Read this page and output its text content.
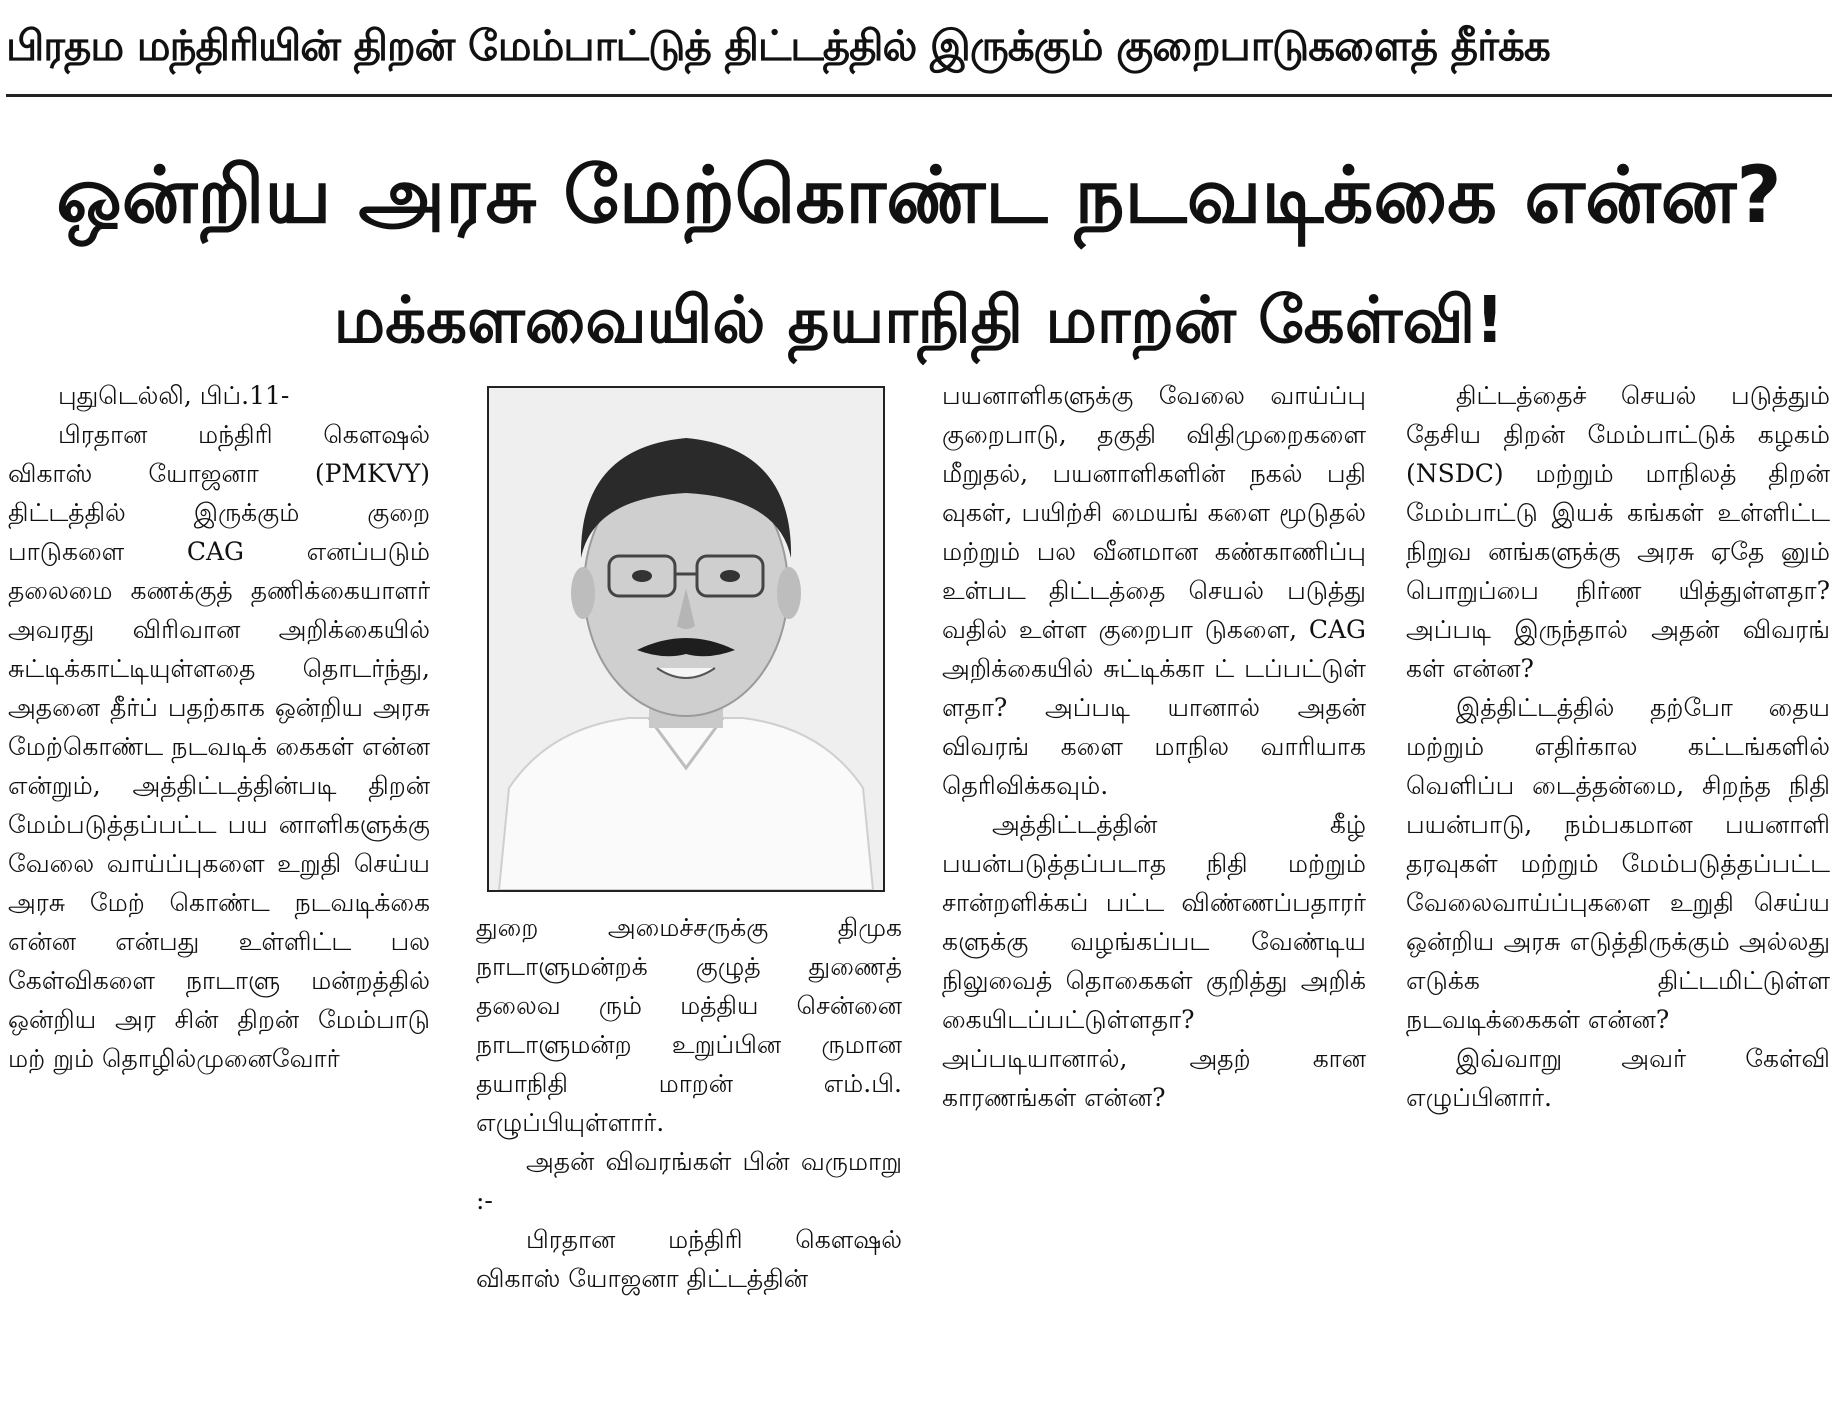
பிரதம மந்திரியின் திறன் மேம்பாட்டுத் திட்டத்தில் இருக்கும் குறைபாடுகளைத் தீர்க்க
ஒன்றிய அரசு மேற்கொண்ட நடவடிக்கை என்ன?
மக்களவையில் தயாநிதி மாறன் கேள்வி!

புதுடெல்லி, பிப்.11-

பிரதான மந்திரி கௌஷல் விகாஸ் யோஜனா (PMKVY) திட்டத்தில் இருக்கும் குறை பாடுகளை CAG எனப்படும் தலைமை கணக்குத் தணிக்கையாளர் அவரது விரிவான அறிக்கையில் சுட்டிக்காட்டியுள்ளதை தொடர்ந்து, அதனை தீர்ப் பதற்காக ஒன்றிய அரசு மேற்கொண்ட நடவடிக் கைகள் என்ன என்றும், அத்திட்டத்தின்படி திறன் மேம்படுத்தப்பட்ட பய னாளிகளுக்கு வேலை வாய்ப்புகளை உறுதி செய்ய அரசு மேற் கொண்ட நடவடிக்கை என்ன என்பது உள்ளிட்ட பல கேள்விகளை நாடாளு மன்றத்தில் ஒன்றிய அர சின் திறன் மேம்பாடு மற் றும் தொழில்முனைவோர்

துறை அமைச்சருக்கு திமுக நாடாளுமன்றக் குழுத் துணைத் தலைவ ரும் மத்திய சென்னை நாடாளுமன்ற உறுப்பின ருமான தயாநிதி மாறன் எம்.பி. எழுப்பியுள்ளார்.

அதன் விவரங்கள் பின் வருமாறு :-

பிரதான மந்திரி கௌஷல் விகாஸ் யோஜனா திட்டத்தின்

பயனாளிகளுக்கு வேலை வாய்ப்பு குறைபாடு, தகுதி விதிமுறைகளை மீறுதல், பயனாளிகளின் நகல் பதி வுகள், பயிற்சி மையங் களை மூடுதல் மற்றும் பல வீனமான கண்காணிப்பு உள்பட திட்டத்தை செயல் படுத்து வதில் உள்ள குறைபா டுகளை, CAG அறிக்கையில் சுட்டிக்கா ட் டப்பட்டுள் ளதா? அப்படி யானால் அதன் விவரங் களை மாநில வாரியாக தெரிவிக்கவும்.

அத்திட்டத்தின் கீழ் பயன்படுத்தப்படாத நிதி மற்றும் சான்றளிக்கப் பட்ட விண்ணப்பதாரர் களுக்கு வழங்கப்பட வேண்டிய நிலுவைத் தொகைகள் குறித்து அறிக் கையிடப்பட்டுள்ளதா? அப்படியானால், அதற் கான காரணங்கள் என்ன?

திட்டத்தைச் செயல் படுத்தும் தேசிய திறன் மேம்பாட்டுக் கழகம் (NSDC) மற்றும் மாநிலத் திறன் மேம்பாட்டு இயக் கங்கள் உள்ளிட்ட நிறுவ னங்களுக்கு அரசு ஏதே னும் பொறுப்பை நிர்ண யித்துள்ளதா? அப்படி இருந்தால் அதன் விவரங் கள் என்ன?

இத்திட்டத்தில் தற்போ தைய மற்றும் எதிர்கால கட்டங்களில் வெளிப்ப டைத்தன்மை, சிறந்த நிதி பயன்பாடு, நம்பகமான பயனாளி தரவுகள் மற்றும் மேம்படுத்தப்பட்ட வேலைவாய்ப்புகளை உறுதி செய்ய ஒன்றிய அரசு எடுத்திருக்கும் அல்லது எடுக்க திட்டமிட்டுள்ள நடவடிக்கைகள் என்ன?

இவ்வாறு அவர் கேள்வி எழுப்பினார்.
